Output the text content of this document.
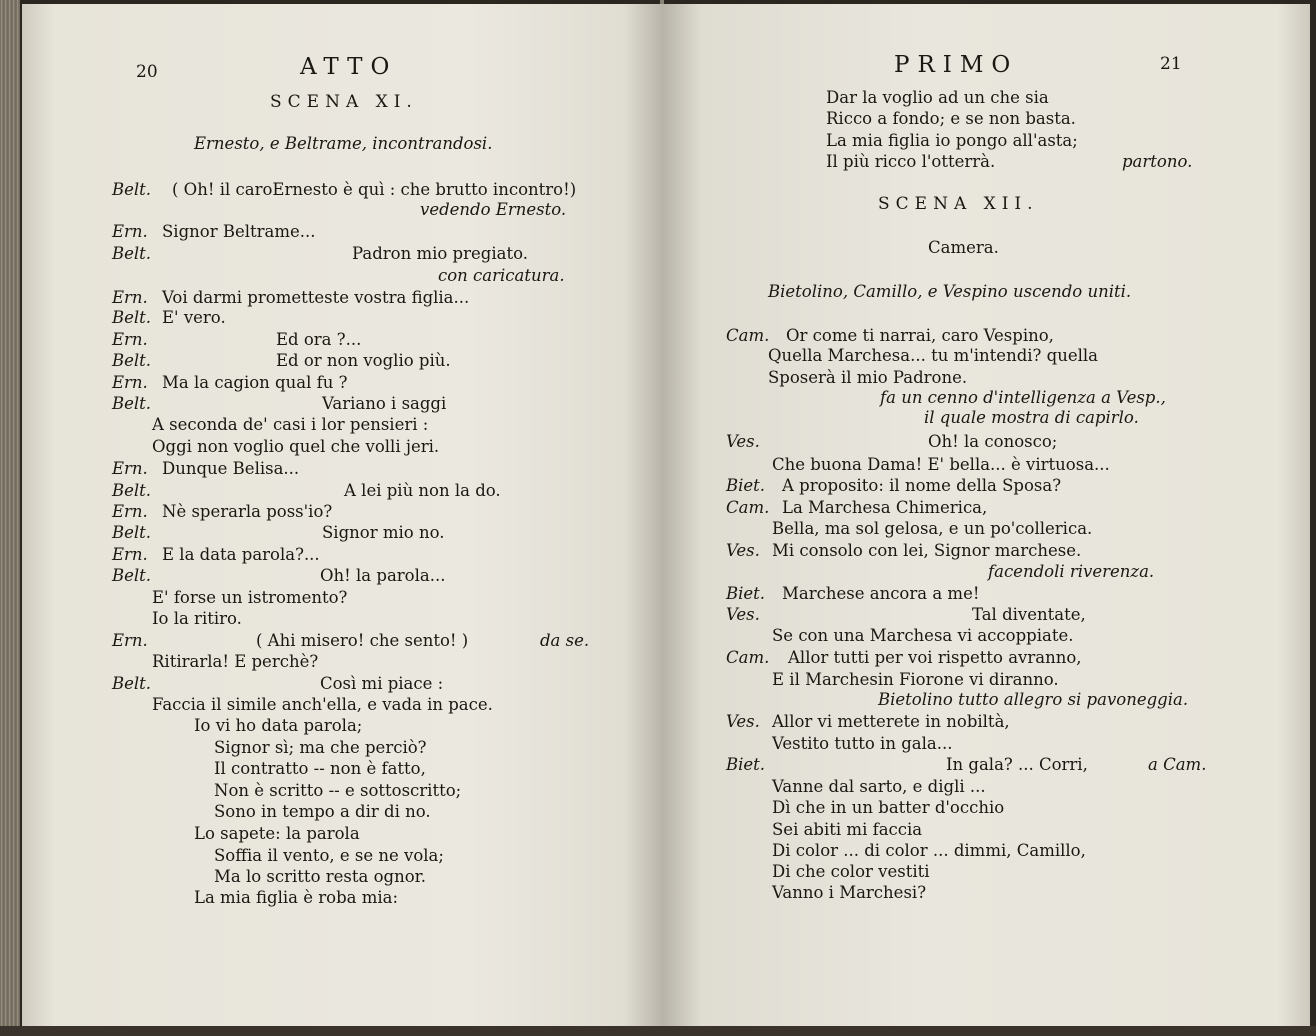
20	ATTO
SCENA XI.
Ernesto, e Beltrame, incontrandosi.
Belt. ( Oh! il caroErnesto è quì : che brutto incontro!)
vedendo Ernesto.
Ern. Signor Beltrame...
Belt.	Padron mio pregiato.
con caricatura.
Ern. Voi darmi prometteste vostra figlia...
Belt. E' vero.
Ern.	Ed ora ?...
Belt.	Ed or non voglio più.
Ern. Ma la cagion qual fu ?
Belt.	Variano i saggi
A seconda de' casi i lor pensieri :
Oggi non voglio quel che volli jeri.
Ern. Dunque Belisa...
Belt.	A lei più non la do.
Ern. Nè sperarla poss'io?
Belt.	Signor mio no.
Ern. E la data parola?...
Belt.	Oh! la parola...
E' forse un istromento?
Io la ritiro.
Ern.	( Ahi misero! che sento! )	da se.
Ritirarla! E perchè?
Belt.	Così mi piace :
Faccia il simile anch'ella, e vada in pace.
Io vi ho data parola;
Signor sì; ma che perciò?
Il contratto -- non è fatto,
Non è scritto -- e sottoscritto;
Sono in tempo a dir di no.
Lo sapete: la parola
Soffia il vento, e se ne vola;
Ma lo scritto resta ognor.
La mia figlia è roba mia:
PRIMO	21
Dar la voglio ad un che sia
Ricco a fondo; e se non basta.
La mia figlia io pongo all'asta;
Il più ricco l'otterrà.	partono.
SCENA XII.
Camera.
Bietolino, Camillo, e Vespino uscendo uniti.
Cam. Or come ti narrai, caro Vespino,
Quella Marchesa... tu m'intendi? quella
Sposerà il mio Padrone.
fa un cenno d'intelligenza a Vesp.,
il quale mostra di capirlo.
Ves.	Oh! la conosco;
Che buona Dama! E' bella... è virtuosa...
Biet. A proposito: il nome della Sposa?
Cam. La Marchesa Chimerica,
Bella, ma sol gelosa, e un po'collerica.
Ves. Mi consolo con lei, Signor marchese.
facendoli riverenza.
Biet. Marchese ancora a me!
Ves.	Tal diventate,
Se con una Marchesa vi accoppiate.
Cam. Allor tutti per voi rispetto avranno,
E il Marchesin Fiorone vi diranno.
Bietolino tutto allegro si pavoneggia.
Ves. Allor vi metterete in nobiltà,
Vestito tutto in gala...
Biet.	In gala? ... Corri,	a Cam.
Vanne dal sarto, e digli ...
Dì che in un batter d'occhio
Sei abiti mi faccia
Di color ... di color ... dimmi, Camillo,
Di che color vestiti
Vanno i Marchesi?
